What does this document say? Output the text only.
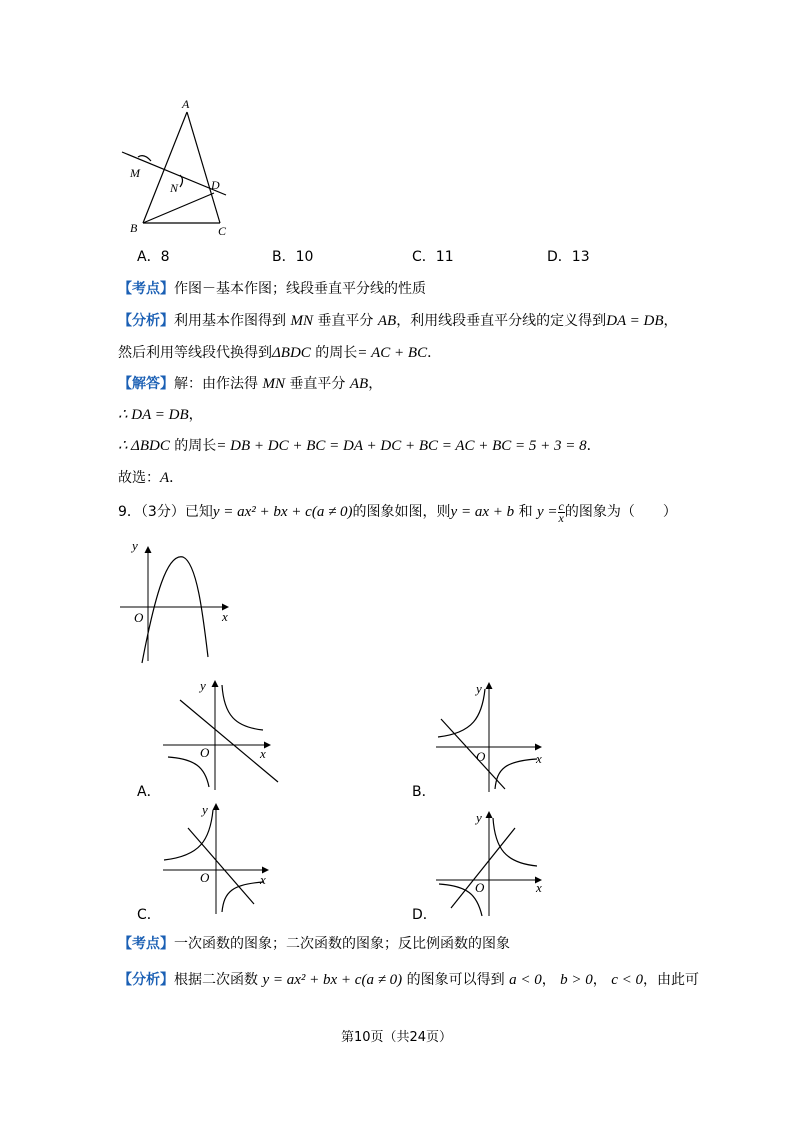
A
M
N	D
B	C
A．8	B．10	C．11	D．13
【考点】作图－基本作图；线段垂直平分线的性质
【分析】利用基本作图得到 MN 垂直平分 AB，利用线段垂直平分线的定义得到DA = DB，
然后利用等线段代换得到ΔBDC 的周长= AC + BC．
【解答】解：由作法得 MN 垂直平分 AB，
∴ DA = DB，
∴ ΔBDC 的周长= DB + DC + BC = DA + DC + BC = AC + BC = 5 + 3 = 8．
故选：A．
9．（3分）已知y = ax² + bx + c(a ≠ 0)的图象如图，则y = ax + b 和 $y = \frac{c}{x}$ 的图象为（　　）
y
O	x
y
O	x
A．
y
O	x
B．
y
O	x
C．
y
O	x
D．
【考点】一次函数的图象；二次函数的图象；反比例函数的图象
【分析】根据二次函数 y = ax² + bx + c(a ≠ 0) 的图象可以得到 a < 0， b > 0， c < 0，由此可
第10页（共24页）
